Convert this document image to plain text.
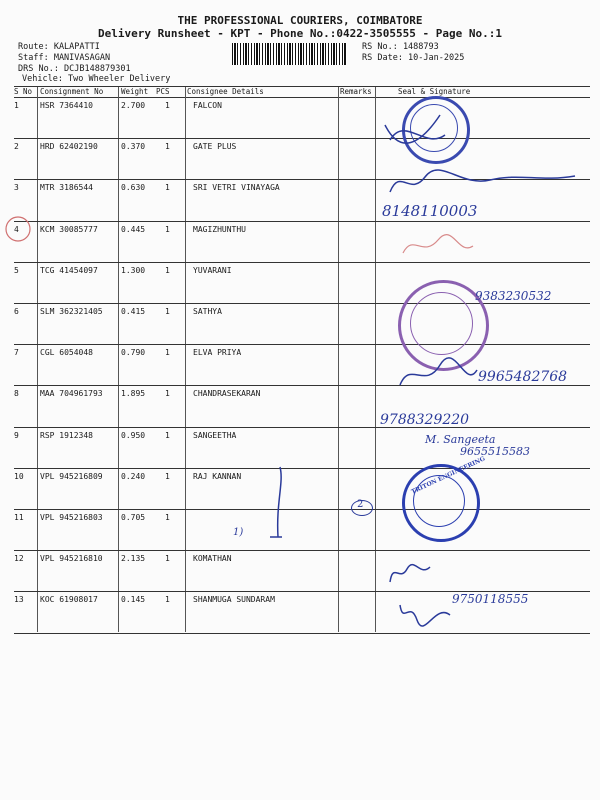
THE PROFESSIONAL COURIERS, COIMBATORE
Delivery Runsheet - KPT - Phone No.:0422-3505555 - Page No.:1
Route: KALAPATTI
Staff: MANIVASAGAN
DRS No.: DCJB148879301
Vehicle: Two Wheeler Delivery
RS No.: 1488793
RS Date: 10-Jan-2025
S No Consignment No Weight PCS Consignee Details	Remarks	Seal & Signature
1	HSR 7364410	2.700 1	FALCON
2	HRD 62402190	0.370 1	GATE PLUS
3	MTR 3186544	0.630 1	SRI VETRI VINAYAGA
4	KCM 30085777	0.445 1	MAGIZHUNTHU
5	TCG 41454097	1.300 1	YUVARANI
6	SLM 362321405 0.415 1	SATHYA
7	CGL 6054048	0.790 1	ELVA PRIYA
8	MAA 704961793 1.895 1	CHANDRASEKARAN
9	RSP 1912348	0.950 1	SANGEETHA
10 VPL 945216809 0.240 1	RAJ KANNAN
11 VPL 945216803 0.705 1
12 VPL 945216810 2.135 1	KOMATHAN
13 KOC 61908017	0.145 1	SHANMUGA SUNDARAM
8148110003
9383230532
9965482768
9788329220
M. Sangeeta
9655515583
1)
TRITON ENGINEERING
2
9750118555
